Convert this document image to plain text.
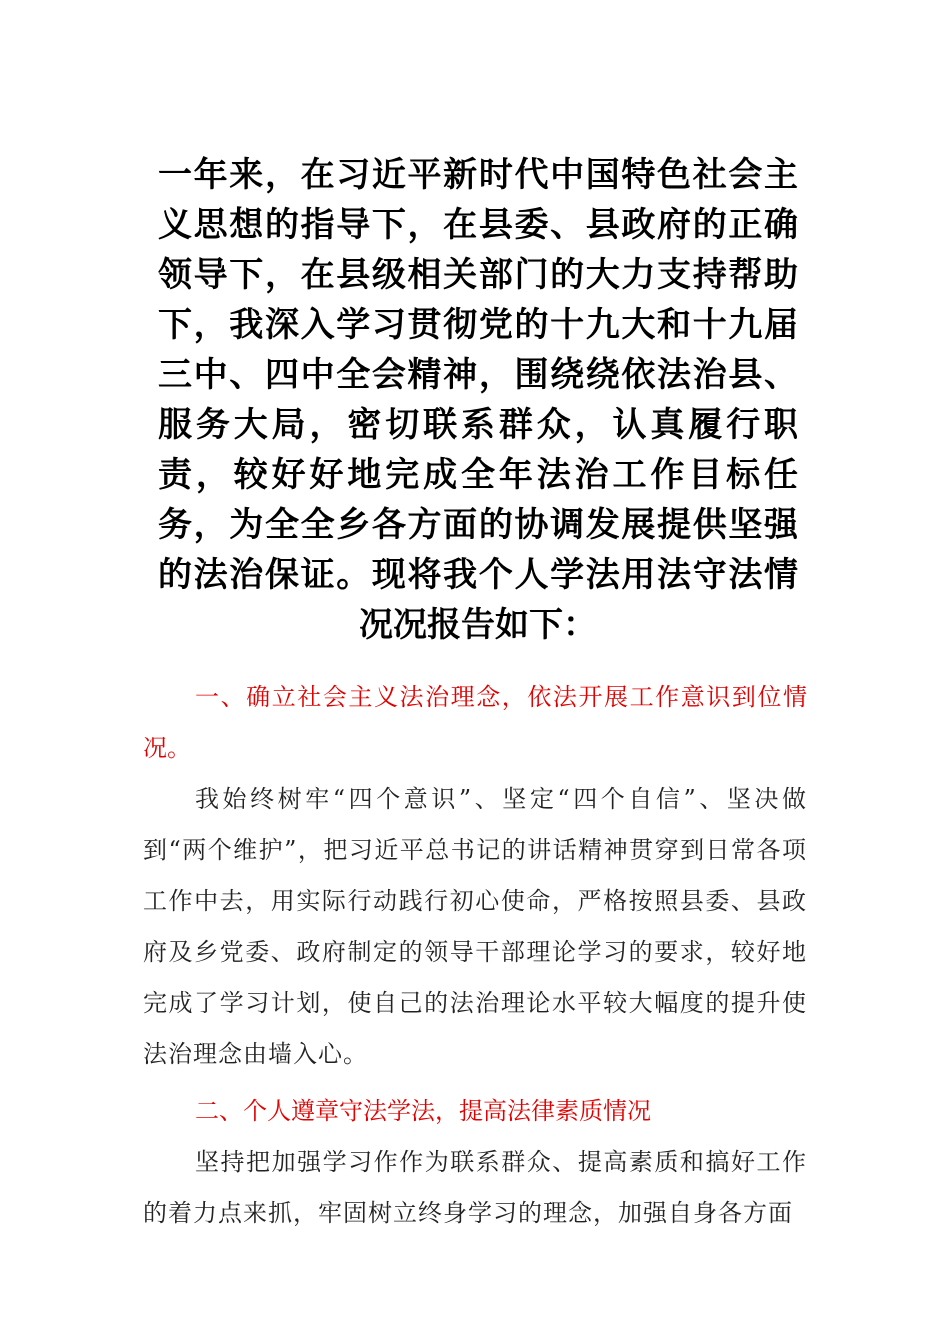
一年来，在习近平新时代中国特色社会主义思想的指导下，在县委、县政府的正确领导下，在县级相关部门的大力支持帮助下，我深入学习贯彻党的十九大和十九届三中、四中全会精神，围绕绕依法治县、服务大局，密切联系群众，认真履行职责，较好好地完成全年法治工作目标任务，为全全乡各方面的协调发展提供坚强的法治保证。现将我个人学法用法守法情况况报告如下：

一、确立社会主义法治理念，依法开展工作意识到位情况。

我始终树牢“四个意识”、坚定“四个自信”、坚决做到“两个维护”，把习近平总书记的讲话精神贯穿到日常各项工作中去，用实际行动践行初心使命，严格按照县委、县政府及乡党委、政府制定的领导干部理论学习的要求，较好地完成了学习计划，使自己的法治理论水平较大幅度的提升使法治理念由墙入心。

二、个人遵章守法学法，提高法律素质情况

坚持把加强学习作作为联系群众、提高素质和搞好工作的着力点来抓，牢固树立终身学习的理念，加强自身各方面
